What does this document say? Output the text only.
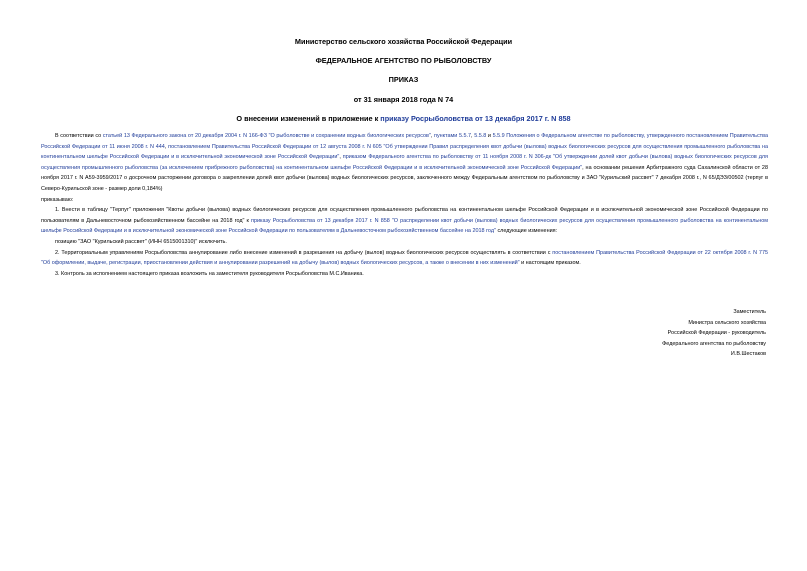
Министерство сельского хозяйства Российской Федерации
ФЕДЕРАЛЬНОЕ АГЕНТСТВО ПО РЫБОЛОВСТВУ
ПРИКАЗ
от 31 января 2018 года N 74
О внесении изменений в приложение к приказу Росрыболовства от 13 декабря 2017 г. N 858

В соответствии со статьей 13 Федерального закона от 20 декабря 2004 г. N 166-ФЗ "О рыболовстве и сохранении водных биологических ресурсов", пунктами 5.5.7, 5.5.8 и 5.5.9 Положения о Федеральном агентстве по рыболовству, утвержденного постановлением Правительства Российской Федерации от 11 июня 2008 г. N 444, постановлением Правительства Российской Федерации от 12 августа 2008 г. N 605 "Об утверждении Правил распределения квот добычи (вылова) водных биологических ресурсов для осуществления промышленного рыболовства на континентальном шельфе Российской Федерации и в исключительной экономической зоне Российской Федерации", приказом Федерального агентства по рыболовству от 11 ноября 2008 г. N 306-дк "Об утверждении долей квот добычи (вылова) водных биологических ресурсов для осуществления промышленного рыболовства (за исключением прибрежного рыболовства) на континентальном шельфе Российской Федерации и в исключительной экономической зоне Российской Федерации", на основании решения Арбитражного суда Сахалинской области от 28 ноября 2017 г. N А59-3959/2017 о досрочном расторжении договора о закреплении долей квот добычи (вылова) водных биологических ресурсов, заключенного между Федеральным агентством по рыболовству и ЗАО "Курильский рассвет" 7 декабря 2008 г., N 65/ДЭЗ/00502 (терпуг в Северо-Курильской зоне - размер доли 0,184%)

приказываю:

1. Внести в таблицу "Терпуг" приложения "Квоты добычи (вылова) водных биологических ресурсов для осуществления промышленного рыболовства на континентальном шельфе Российской Федерации и в исключительной экономической зоне Российской Федерации по пользователям в Дальневосточном рыбохозяйственном бассейне на 2018 год" к приказу Росрыболовства от 13 декабря 2017 г. N 858 "О распределении квот добычи (вылова) водных биологических ресурсов для осуществления промышленного рыболовства на континентальном шельфе Российской Федерации и в исключительной экономической зоне Российской Федерации по пользователям в Дальневосточном рыбохозяйственном бассейне на 2018 год" следующие изменения:

позицию "ЗАО "Курильский рассвет" (ИНН 6515001310)" исключить.

2. Территориальным управлениям Росрыболовства аннулирование либо внесение изменений в разрешения на добычу (вылов) водных биологических ресурсов осуществлять в соответствии с постановлением Правительства Российской Федерации от 22 октября 2008 г. N 775 "Об оформлении, выдаче, регистрации, приостановлении действия и аннулировании разрешений на добычу (вылов) водных биологических ресурсов, а также о внесении в них изменений" и настоящим приказом.

3. Контроль за исполнением настоящего приказа возложить на заместителя руководителя Росрыболовства М.С.Иваника.

Заместитель
Министра сельского хозяйства
Российской Федерации - руководитель
Федерального агентства по рыболовству
И.В.Шестаков
